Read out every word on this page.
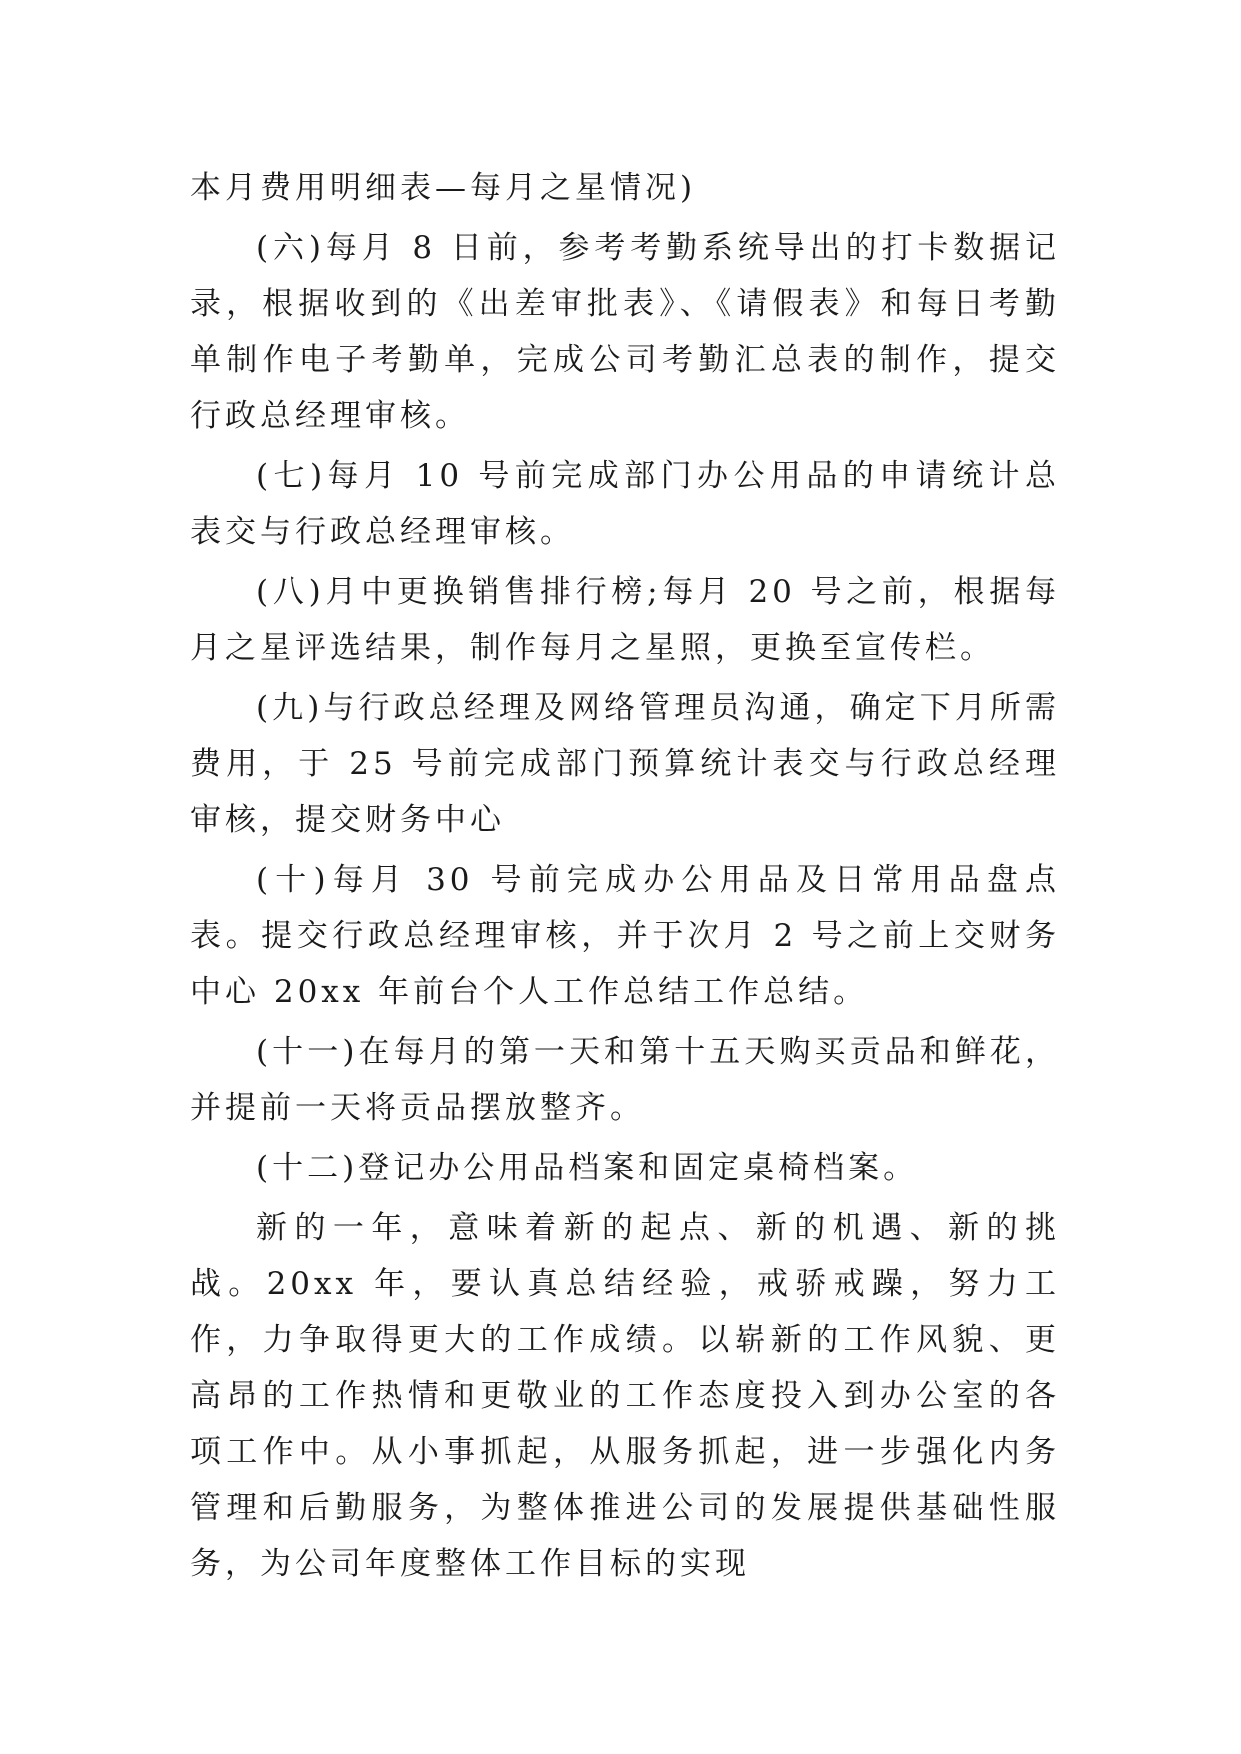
本月费用明细表—每月之星情况)

(六)每月 8 日前，参考考勤系统导出的打卡数据记录，根据收到的《出差审批表》、《请假表》和每日考勤单制作电子考勤单，完成公司考勤汇总表的制作，提交行政总经理审核。

(七)每月 10 号前完成部门办公用品的申请统计总表交与行政总经理审核。

(八)月中更换销售排行榜;每月 20 号之前，根据每月之星评选结果，制作每月之星照，更换至宣传栏。

(九)与行政总经理及网络管理员沟通，确定下月所需费用，于 25 号前完成部门预算统计表交与行政总经理审核，提交财务中心

(十)每月 30 号前完成办公用品及日常用品盘点表。提交行政总经理审核，并于次月 2 号之前上交财务中心 20xx 年前台个人工作总结工作总结。

(十一)在每月的第一天和第十五天购买贡品和鲜花，并提前一天将贡品摆放整齐。

(十二)登记办公用品档案和固定桌椅档案。

新的一年，意味着新的起点、新的机遇、新的挑战。20xx 年，要认真总结经验，戒骄戒躁，努力工作，力争取得更大的工作成绩。以崭新的工作风貌、更高昂的工作热情和更敬业的工作态度投入到办公室的各项工作中。从小事抓起，从服务抓起，进一步强化内务管理和后勤服务，为整体推进公司的发展提供基础性服务，为公司年度整体工作目标的实现
